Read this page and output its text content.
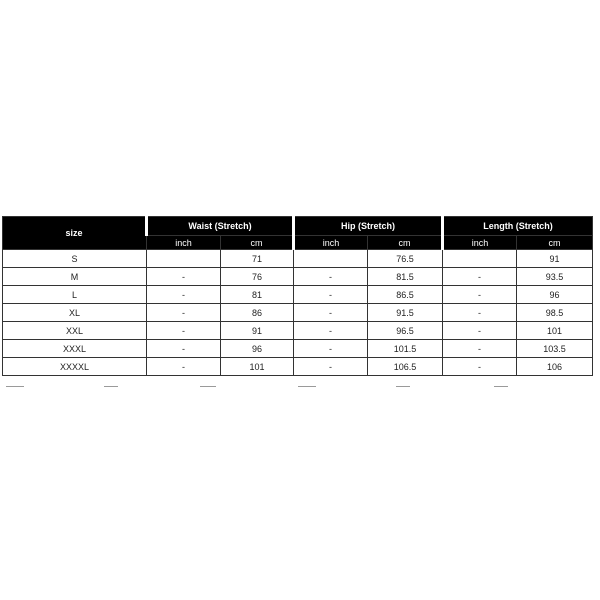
size	Waist (Stretch)		Hip (Stretch)		Length (Stretch)	
	inch	cm	inch	cm	inch	cm
S		71		76.5		91
M	-	76	-	81.5	-	93.5
L	-	81	-	86.5	-	96
XL	-	86	-	91.5	-	98.5
XXL	-	91	-	96.5	-	101
XXXL	-	96	-	101.5	-	103.5
XXXXL	-	101	-	106.5	-	106
